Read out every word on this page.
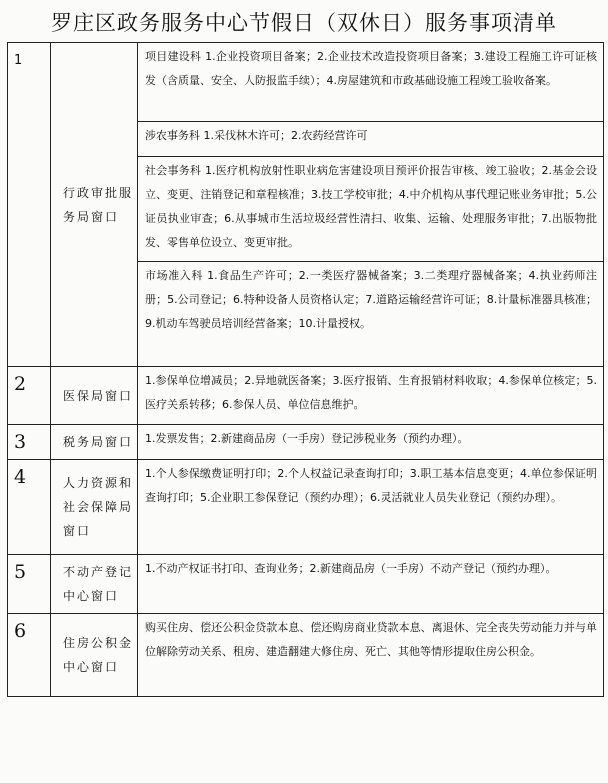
罗庄区政务服务中心节假日（双休日）服务事项清单
1	行政审批服务局窗口	项目建设科 1.企业投资项目备案；2.企业技术改造投资项目备案；3.建设工程施工许可证核发（含质量、安全、人防报监手续）；4.房屋建筑和市政基础设施工程竣工验收备案。
		涉农事务科 1.采伐林木许可；2.农药经营许可
		社会事务科 1.医疗机构放射性职业病危害建设项目预评价报告审核、竣工验收；2.基金会设立、变更、注销登记和章程核准；3.技工学校审批；4.中介机构从事代理记账业务审批；5.公证员执业审查；6.从事城市生活垃圾经营性清扫、收集、运输、处理服务审批；7.出版物批发、零售单位设立、变更审批。
		市场准入科 1.食品生产许可；2.一类医疗器械备案；3.二类理疗器械备案；4.执业药师注册；5.公司登记；6.特种设备人员资格认定；7.道路运输经营许可证；8.计量标准器具核准；9.机动车驾驶员培训经营备案；10.计量授权。

2	医保局窗口	1.参保单位增减员；2.异地就医备案；3.医疗报销、生育报销材料收取；4.参保单位核定；5.医疗关系转移；6.参保人员、单位信息维护。

3	税务局窗口	1.发票发售；2.新建商品房（一手房）登记涉税业务（预约办理）。

4	人力资源和社会保障局窗口	1.个人参保缴费证明打印；2.个人权益记录查询打印；3.职工基本信息变更；4.单位参保证明查询打印；5.企业职工参保登记（预约办理）；6.灵活就业人员失业登记（预约办理）。

5	不动产登记中心窗口	1.不动产权证书打印、查询业务；2.新建商品房（一手房）不动产登记（预约办理）。

6	住房公积金中心窗口	购买住房、偿还公积金贷款本息、偿还购房商业贷款本息、离退休、完全丧失劳动能力并与单位解除劳动关系、租房、建造翻建大修住房、死亡、其他等情形提取住房公积金。
